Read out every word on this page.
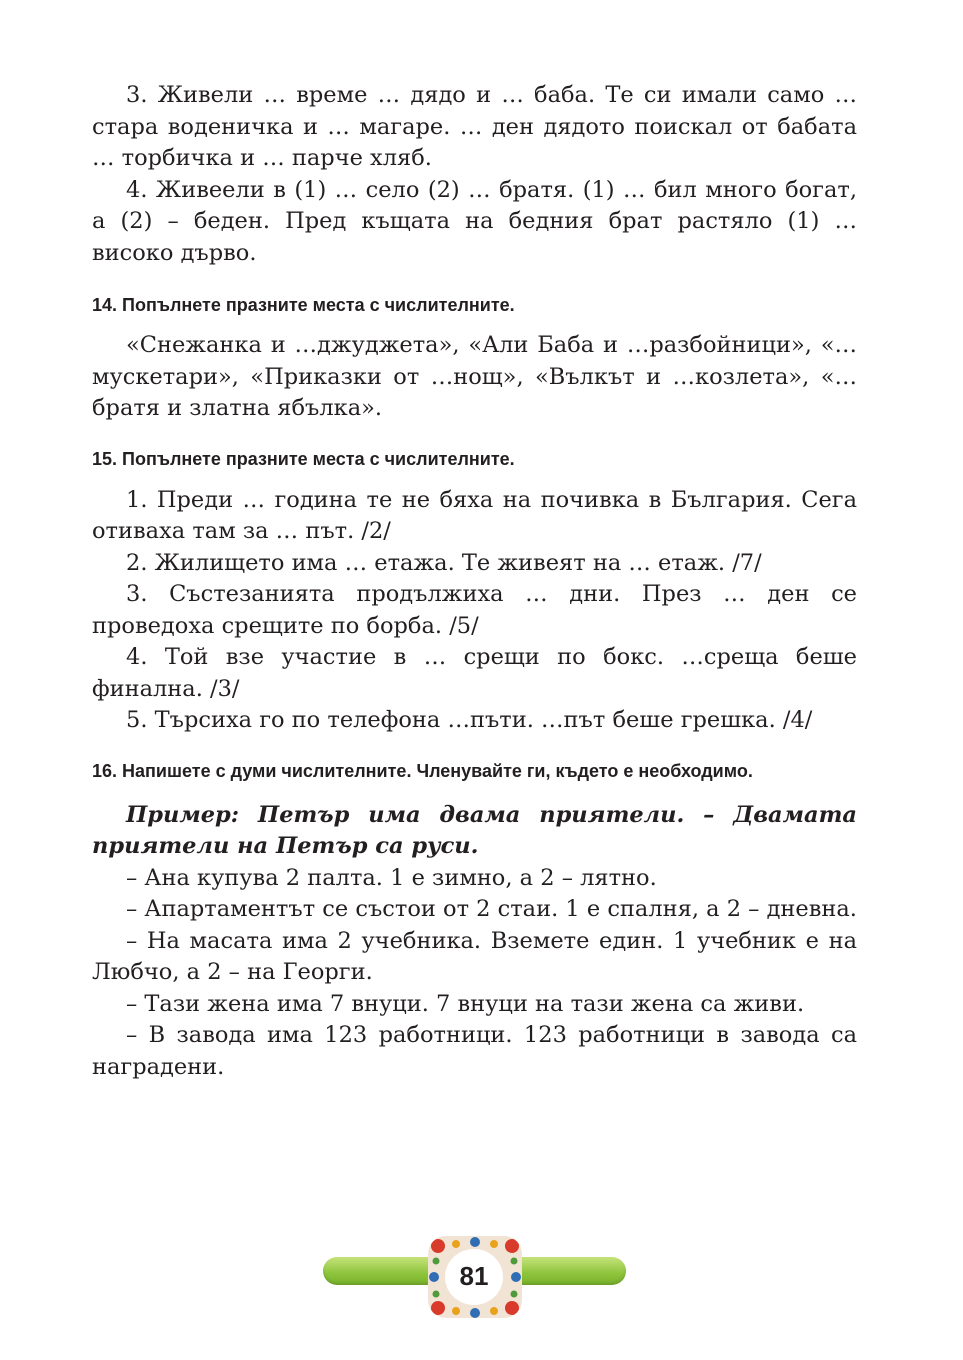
3. Живели … време … дядо и … баба. Те си имали само … стара воденичка и … магаре. … ден дядото поискал от бабата … торбичка и … парче хляб.

4. Живеели в (1) … село (2) … братя. (1) … бил много богат, а (2) – беден. Пред къщата на бедния брат растяло (1) … високо дърво.

14. Попълнете празните места с числителните.

«Снежанка и …джуджета», «Али Баба и …разбойници», «…мускетари», «Приказки от …нощ», «Вълкът и …козлета», «…братя и златна ябълка».

15. Попълнете празните места с числителните.

1. Преди … година те не бяха на почивка в България. Сега отиваха там за … път. /2/

2. Жилището има … етажа. Те живеят на … етаж. /7/

3. Състезанията продължиха … дни. През … ден се проведоха срещите по борба. /5/

4. Той взе участие в … срещи по бокс. …среща беше финална. /3/

5. Търсиха го по телефона …пъти. …път беше грешка. /4/

16. Напишете с думи числителните. Членувайте ги, където е необходимо.

Пример: Петър има двама приятели. – Двамата приятели на Петър са руси.

– Ана купува 2 палта. 1 е зимно, а 2 – лятно.

– Апартаментът се състои от 2 стаи. 1 е спалня, а 2 – дневна.

– На масата има 2 учебника. Вземете един. 1 учебник е на Любчо, а 2 – на Георги.

– Тази жена има 7 внуци. 7 внуци на тази жена са живи.

– В завода има 123 работници. 123 работници в завода са наградени.

81
